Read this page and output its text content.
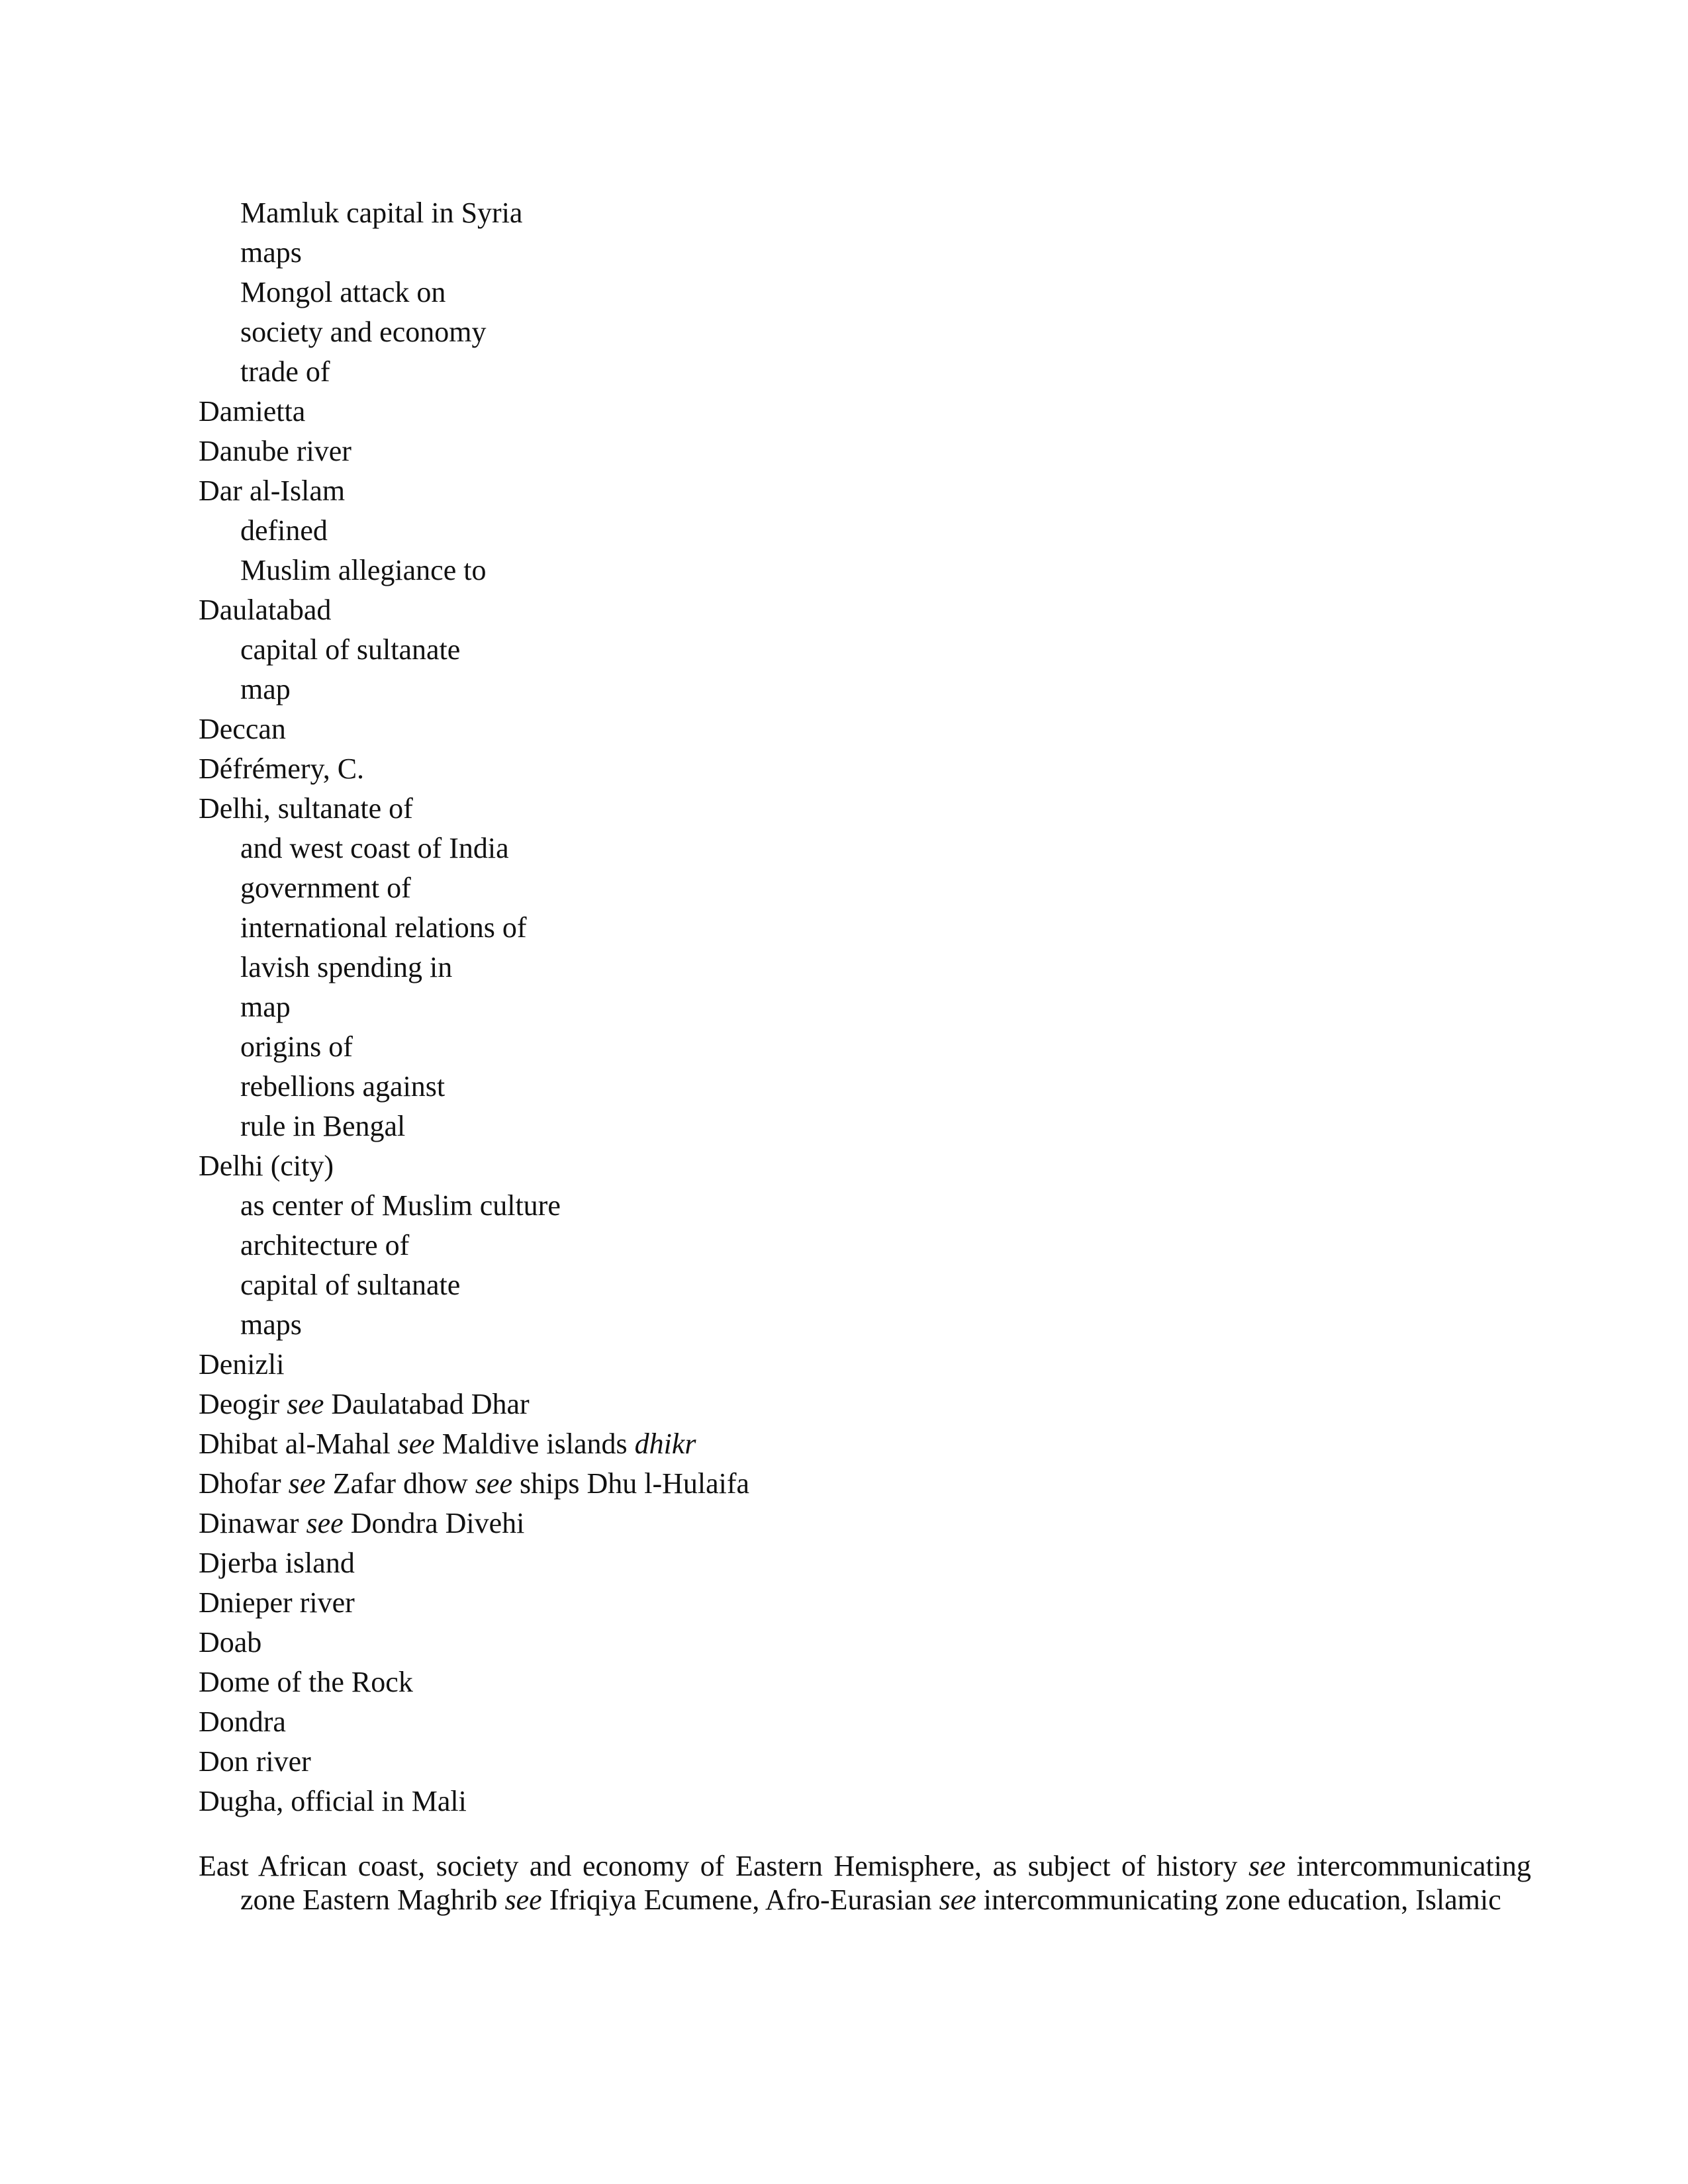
Mamluk capital in Syria
maps
Mongol attack on
society and economy
trade of
Damietta
Danube river
Dar al-Islam
defined
Muslim allegiance to
Daulatabad
capital of sultanate
map
Deccan
Défrémery, C.
Delhi, sultanate of
and west coast of India
government of
international relations of
lavish spending in
map
origins of
rebellions against
rule in Bengal
Delhi (city)
as center of Muslim culture
architecture of
capital of sultanate
maps
Denizli
Deogir see Daulatabad Dhar
Dhibat al-Mahal see Maldive islands dhikr
Dhofar see Zafar dhow see ships Dhu l-Hulaifa
Dinawar see Dondra Divehi
Djerba island
Dnieper river
Doab
Dome of the Rock
Dondra
Don river
Dugha, official in Mali

East African coast, society and economy of Eastern Hemisphere, as subject of history see intercommunicating zone Eastern Maghrib see Ifriqiya Ecumene, Afro-Eurasian see intercommunicating zone education, Islamic
